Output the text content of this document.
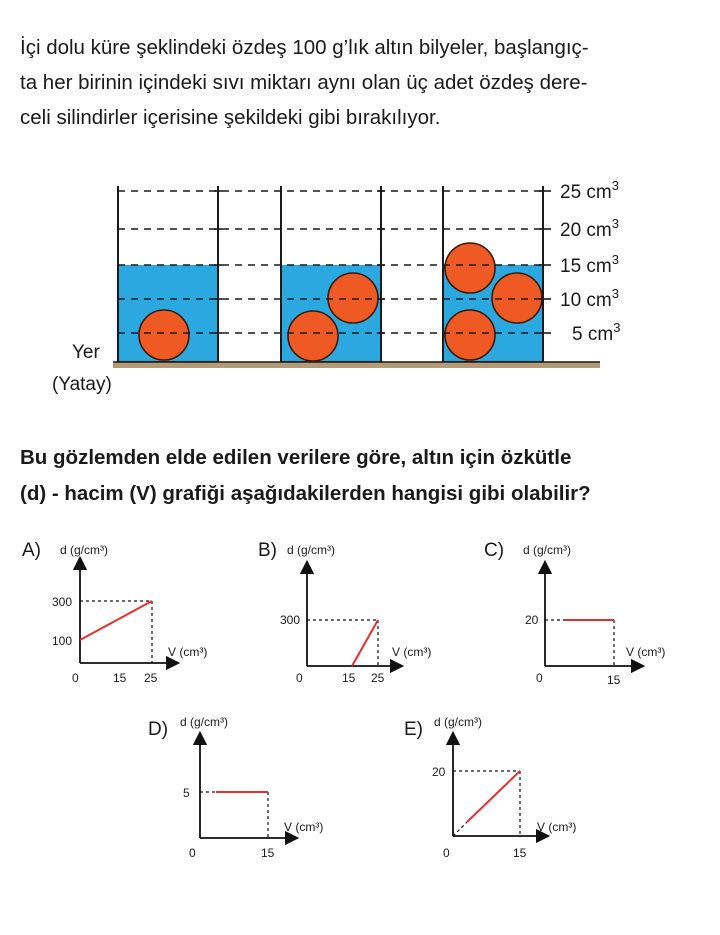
İçi dolu küre şeklindeki özdeş 100 g’lık altın bilyeler, başlangıç-
ta her birinin içindeki sıvı miktarı aynı olan üç adet özdeş dere-
celi silindirler içerisine şekildeki gibi bırakılıyor.

Bu gözlemden elde edilen verilere göre, altın için özkütle
(d) - hacim (V) grafiği aşağıdakilerden hangisi gibi olabilir?

25 $cm^3$
20 $cm^3$
15 $cm^3$
10 $cm^3$
5 $cm^3$
Yer
(Yatay)
A) d (g/cm³)
300
100
0	15 25
V (cm³)
B) d (g/cm³)
300
0	15 25
V (cm³)
C) d (g/cm³)
20
0	15
V (cm³)
D) d (g/cm³)
5
0	15
V (cm³)
E) d (g/cm³)
20
0	15
V (cm³)
